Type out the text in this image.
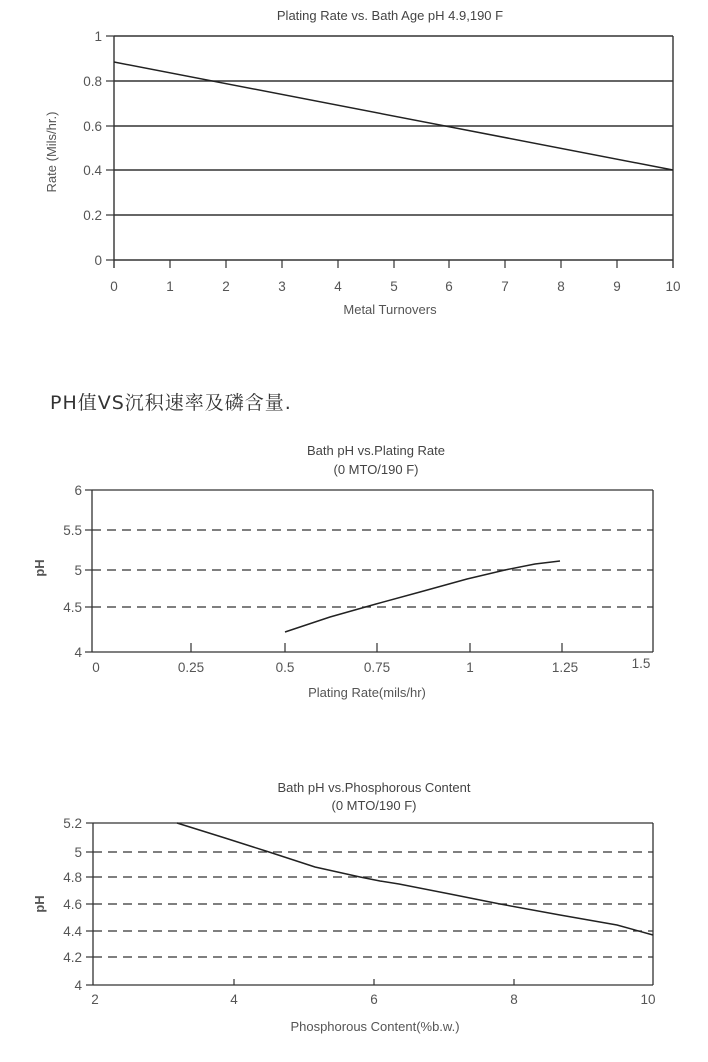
PH值VS沉积速率及磷含量.
Plating Rate vs. Bath Age pH 4.9,190 F
1
0.8
0.6
0.4
0.2
0
0	1	2	3	4	5	6	7	8	9	10
Metal Turnovers
Rate (Mils/hr.)
Bath pH vs.Plating Rate
(0 MTO/190 F)
6
5.5
5
4.5
4
0	0.25	0.5	0.75	1	1.25	1.5
Plating Rate(mils/hr)
pH
Bath pH vs.Phosphorous Content
(0 MTO/190 F)
5.2
5
4.8
4.6
4.4
4.2
4
2	4	6	8	10
Phosphorous Content(%b.w.)
pH
